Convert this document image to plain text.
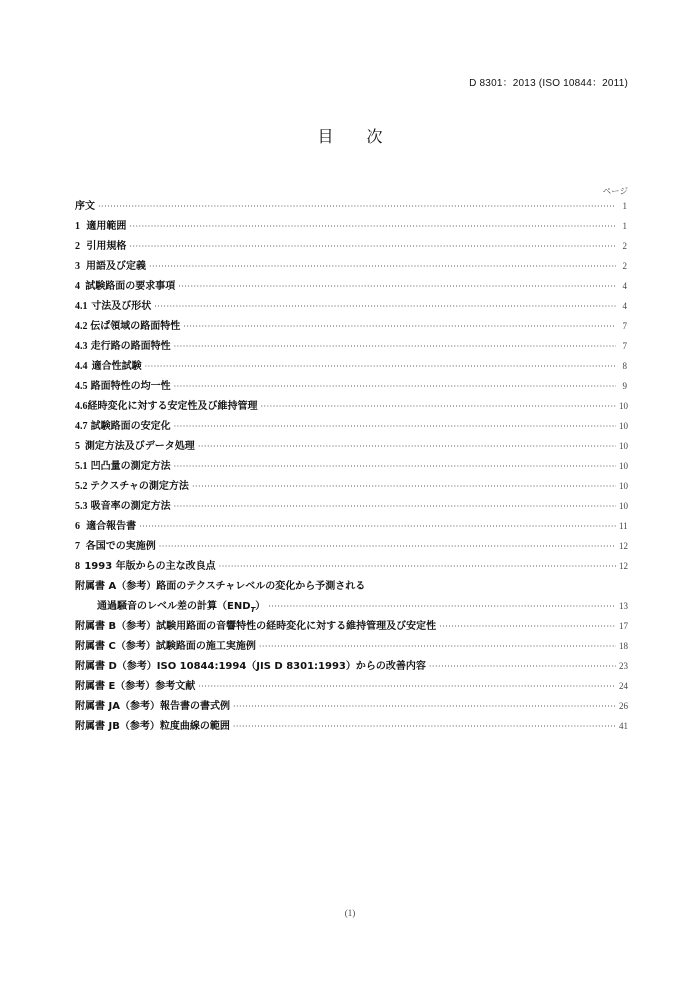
D 8301：2013 (ISO 10844：2011)
目 次
ページ
序文 ·····	1
1 適用範囲 ·····	1
2 引用規格 ·····	2
3 用語及び定義 ·····	2
4 試験路面の要求事項 ·····	4
4.1 寸法及び形状 ·····	4
4.2 伝ぱ領域の路面特性 ·····	7
4.3 走行路の路面特性 ·····	7
4.4 適合性試験 ·····	8
4.5 路面特性の均一性 ·····	9
4.6 経時変化に対する安定性及び維持管理 ·····	10
4.7 試験路面の安定化 ·····	10
5 測定方法及びデータ処理 ·····	10
5.1 凹凸量の測定方法 ·····	10
5.2 テクスチャの測定方法 ·····	10
5.3 吸音率の測定方法 ·····	10
6 適合報告書 ·····	11
7 各国での実施例 ·····	12
8 1993 年版からの主な改良点 ·····	12
附属書 A（参考）路面のテクスチャレベルの変化から予測される
通過騒音のレベル差の計算$(END_T)$ ·····	13
附属書 B（参考）試験用路面の音響特性の経時変化に対する維持管理及び安定性 ·····	17
附属書 C（参考）試験路面の施工実施例 ·····	18
附属書 D（参考）ISO 10844:1994（JIS D 8301:1993）からの改善内容 ·····	23
附属書 E（参考）参考文献 ·····	24
附属書 JA（参考）報告書の書式例 ·····	26
附属書 JB（参考）粒度曲線の範囲 ·····	41
(1)
